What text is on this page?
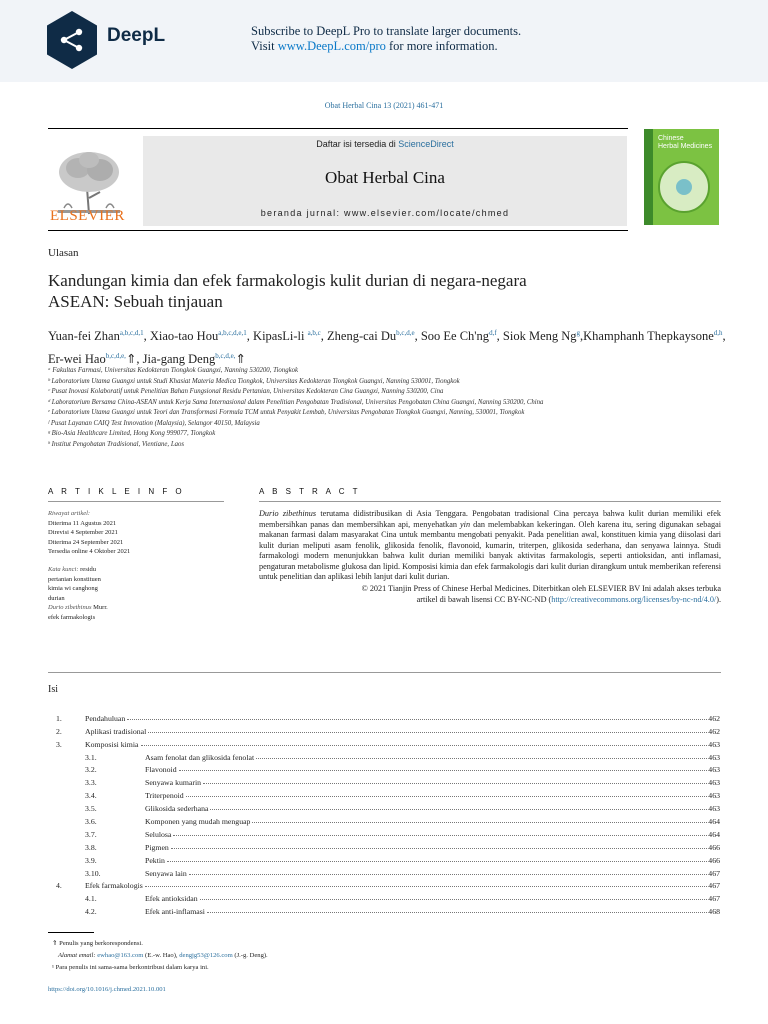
DeepL	Subscribe to DeepL Pro to translate larger documents.
Visit www.DeepL.com/pro for more information.
Obat Herbal Cina 13 (2021) 461-471
ELSEVIER
Daftar isi tersedia di ScienceDirect
Obat Herbal Cina
beranda jurnal: www.elsevier.com/locate/chmed
Chinese
Herbal Medicines
Ulasan
Kandungan kimia dan efek farmakologis kulit durian di negara-negara
ASEAN: Sebuah tinjauan
Yuan-fei Zhan$^{a,b,c,d,1}$, Xiao-tao Hou$^{a,b,c,d,e,1}$, KipasLi-li $^{a,b,c}$, Zheng-cai Du$^{b,c,d,e}$, Soo Ee Ch'ng$^{d,f}$, Siok Meng Ng$^g$,Khamphanh Thepkaysone$^{d,h}$, Er-wei Hao$^{b,c,d,e,}$⇑, Jia-gang Deng$^{b,c,d,e,}$⇑
ᵃ Fakultas Farmasi, Universitas Kedokteran Tiongkok Guangxi, Nanning 530200, Tiongkok
ᵇ Laboratorium Utama Guangxi untuk Studi Khasiat Materia Medica Tiongkok, Universitas Kedokteran Tiongkok Guangxi, Nanning 530001, Tiongkok
ᶜ Pusat Inovasi Kolaboratif untuk Penelitian Bahan Fungsional Residu Pertanian, Universitas Kedokteran Cina Guangxi, Nanning 530200, Cina
ᵈ Laboratorium Bersama China-ASEAN untuk Kerja Sama Internasional dalam Penelitian Pengobatan Tradisional, Universitas Pengobatan China Guangxi, Nanning 530200, China
ᵉ Laboratorium Utama Guangxi untuk Teori dan Transformasi Formula TCM untuk Penyakit Lembab, Universitas Pengobatan Tiongkok Guangxi, Nanning, 530001, Tiongkok
ᶠ Pusat Layanan CAIQ Test Innovation (Malaysia), Selangor 40150, Malaysia
ᵍ Bio-Asia Healthcare Limited, Hong Kong 999077, Tiongkok
ʰ Institut Pengobatan Tradisional, Vientiane, Laos
A R T I K L E I N F O
Riwayat artikel:
Diterima 11 Agustus 2021
Direvisi 4 September 2021
Diterima 24 September 2021
Tersedia online 4 Oktober 2021
Kata kunci: residu
pertanian konstituen
kimia wi canghong
durian
Durio zibethinus Murr.
efek farmakologis
A B S T R A C T
Durio zibethinus terutama didistribusikan di Asia Tenggara. Pengobatan tradisional Cina percaya bahwa kulit durian memiliki efek membersihkan panas dan membersihkan api, menyehatkan yin dan melembabkan kekeringan. Oleh karena itu, sering digunakan sebagai makanan farmasi dalam masyarakat Cina untuk membantu mengobati penyakit. Pada penelitian awal, konstituen kimia yang diisolasi dari kulit durian meliputi asam fenolik, glikosida fenolik, flavonoid, kumarin, triterpen, glikosida sederhana, dan senyawa lainnya. Studi farmakologi modern menunjukkan bahwa kulit durian memiliki banyak aktivitas farmakologis, seperti antioksidan, anti inflamasi, pengaturan metabolisme glukosa dan lipid. Komposisi kimia dan efek farmakologis dari kulit durian dirangkum untuk memberikan referensi untuk penelitian dan aplikasi lebih lanjut dari kulit durian.
© 2021 Tianjin Press of Chinese Herbal Medicines. Diterbitkan oleh ELSEVIER BV Ini adalah akses terbuka
artikel di bawah lisensi CC BY-NC-ND (http://creativecommons.org/licenses/by-nc-nd/4.0/).
Isi
1.	Pendahuluan	462
2.	Aplikasi tradisional	462
3.	Komposisi kimia	463
3.1.	Asam fenolat dan glikosida fenolat	463
3.2.	Flavonoid	463
3.3.	Senyawa kumarin	463
3.4.	Triterpenoid	463
3.5.	Glikosida sederhana	463
3.6.	Komponen yang mudah menguap	464
3.7.	Selulosa	464
3.8.	Pigmen	466
3.9.	Pektin	466
3.10.	Senyawa lain	467
4.	Efek farmakologis	467
4.1.	Efek antioksidan	467
4.2.	Efek anti-inflamasi	468
⇑ Penulis yang berkorespondensi.
Alamat email: ewhao@163.com (E.-w. Hao), dengjg53@126.com (J.-g. Deng).
¹ Para penulis ini sama-sama berkontribusi dalam karya ini.
https://doi.org/10.1016/j.chmed.2021.10.001
